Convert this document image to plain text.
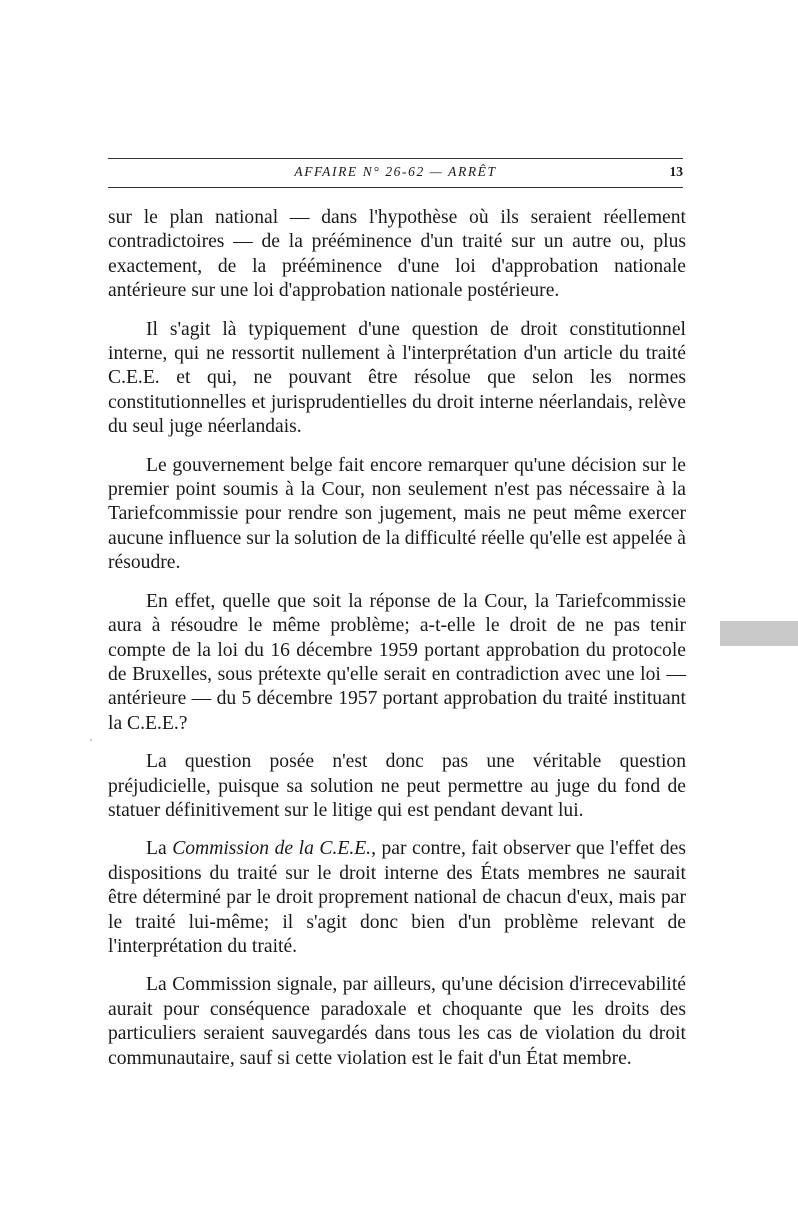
AFFAIRE N° 26-62 — ARRÊT	13

sur le plan national — dans l'hypothèse où ils seraient réellement contradictoires — de la prééminence d'un traité sur un autre ou, plus exactement, de la prééminence d'une loi d'approbation nationale antérieure sur une loi d'approbation nationale postérieure.

Il s'agit là typiquement d'une question de droit constitutionnel interne, qui ne ressortit nullement à l'interprétation d'un article du traité C.E.E. et qui, ne pouvant être résolue que selon les normes constitutionnelles et jurisprudentielles du droit interne néerlandais, relève du seul juge néerlandais.

Le gouvernement belge fait encore remarquer qu'une décision sur le premier point soumis à la Cour, non seulement n'est pas nécessaire à la Tariefcommissie pour rendre son jugement, mais ne peut même exercer aucune influence sur la solution de la difficulté réelle qu'elle est appelée à résoudre.

En effet, quelle que soit la réponse de la Cour, la Tariefcommissie aura à résoudre le même problème; a-t-elle le droit de ne pas tenir compte de la loi du 16 décembre 1959 portant approbation du protocole de Bruxelles, sous prétexte qu'elle serait en contradiction avec une loi — antérieure — du 5 décembre 1957 portant approbation du traité instituant la C.E.E.?

La question posée n'est donc pas une véritable question préjudicielle, puisque sa solution ne peut permettre au juge du fond de statuer définitivement sur le litige qui est pendant devant lui.

La Commission de la C.E.E., par contre, fait observer que l'effet des dispositions du traité sur le droit interne des États membres ne saurait être déterminé par le droit proprement national de chacun d'eux, mais par le traité lui-même; il s'agit donc bien d'un problème relevant de l'interprétation du traité.

La Commission signale, par ailleurs, qu'une décision d'irrecevabilité aurait pour conséquence paradoxale et choquante que les droits des particuliers seraient sauvegardés dans tous les cas de violation du droit communautaire, sauf si cette violation est le fait d'un État membre.
